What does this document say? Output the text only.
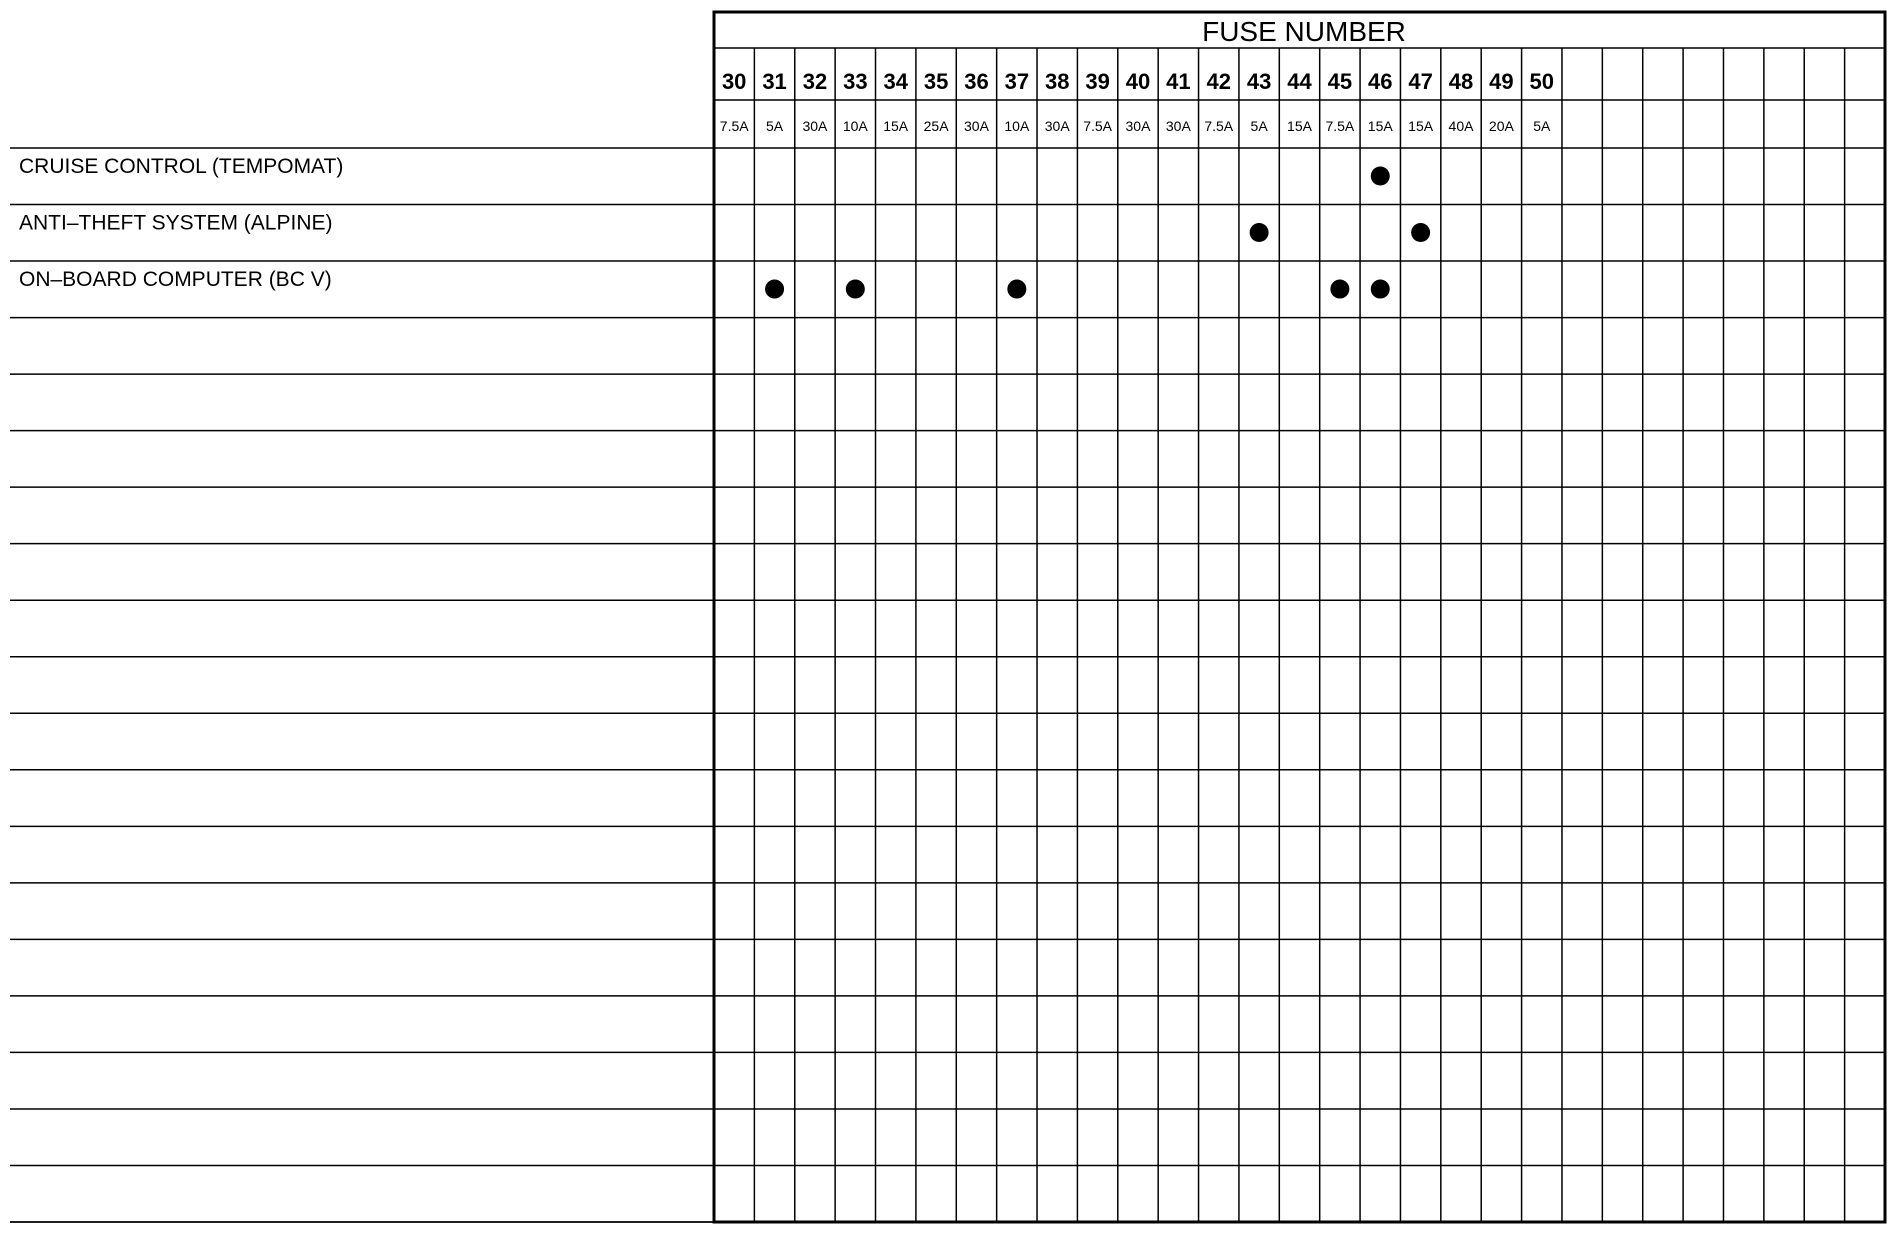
CRUISE CONTROL (TEMPOMAT)
ANTI–THEFT SYSTEM (ALPINE)
ON–BOARD COMPUTER (BC V)
30
7.5A
31
5A
32
30A
33
10A
34
15A
35
25A
36
30A
37
10A
38
30A
39
7.5A
40
30A
41
30A
42
7.5A
43
5A
44
15A
45
7.5A
46
15A
47
15A
48
40A
49
20A
50
5A
FUSE NUMBER
